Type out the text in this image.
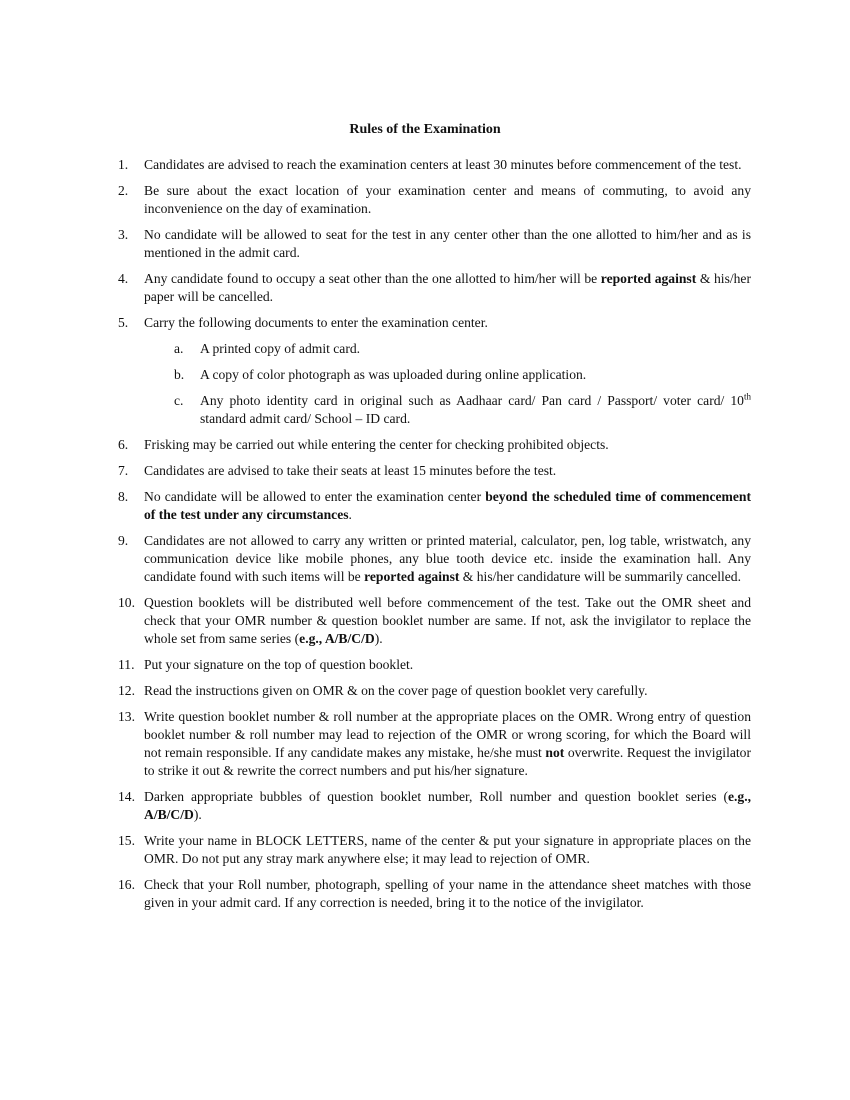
Rules of the Examination
1. Candidates are advised to reach the examination centers at least 30 minutes before commencement of the test.
2. Be sure about the exact location of your examination center and means of commuting, to avoid any inconvenience on the day of examination.
3. No candidate will be allowed to seat for the test in any center other than the one allotted to him/her and as is mentioned in the admit card.
4. Any candidate found to occupy a seat other than the one allotted to him/her will be reported against & his/her paper will be cancelled.
5. Carry the following documents to enter the examination center.
a. A printed copy of admit card.
b. A copy of color photograph as was uploaded during online application.
c. Any photo identity card in original such as Aadhaar card/ Pan card / Passport/ voter card/ 10th standard admit card/ School – ID card.
6. Frisking may be carried out while entering the center for checking prohibited objects.
7. Candidates are advised to take their seats at least 15 minutes before the test.
8. No candidate will be allowed to enter the examination center beyond the scheduled time of commencement of the test under any circumstances.
9. Candidates are not allowed to carry any written or printed material, calculator, pen, log table, wristwatch, any communication device like mobile phones, any blue tooth device etc. inside the examination hall. Any candidate found with such items will be reported against & his/her candidature will be summarily cancelled.
10. Question booklets will be distributed well before commencement of the test. Take out the OMR sheet and check that your OMR number & question booklet number are same. If not, ask the invigilator to replace the whole set from same series (e.g., A/B/C/D).
11. Put your signature on the top of question booklet.
12. Read the instructions given on OMR & on the cover page of question booklet very carefully.
13. Write question booklet number & roll number at the appropriate places on the OMR. Wrong entry of question booklet number & roll number may lead to rejection of the OMR or wrong scoring, for which the Board will not remain responsible. If any candidate makes any mistake, he/she must not overwrite. Request the invigilator to strike it out & rewrite the correct numbers and put his/her signature.
14. Darken appropriate bubbles of question booklet number, Roll number and question booklet series (e.g., A/B/C/D).
15. Write your name in BLOCK LETTERS, name of the center & put your signature in appropriate places on the OMR. Do not put any stray mark anywhere else; it may lead to rejection of OMR.
16. Check that your Roll number, photograph, spelling of your name in the attendance sheet matches with those given in your admit card. If any correction is needed, bring it to the notice of the invigilator.
